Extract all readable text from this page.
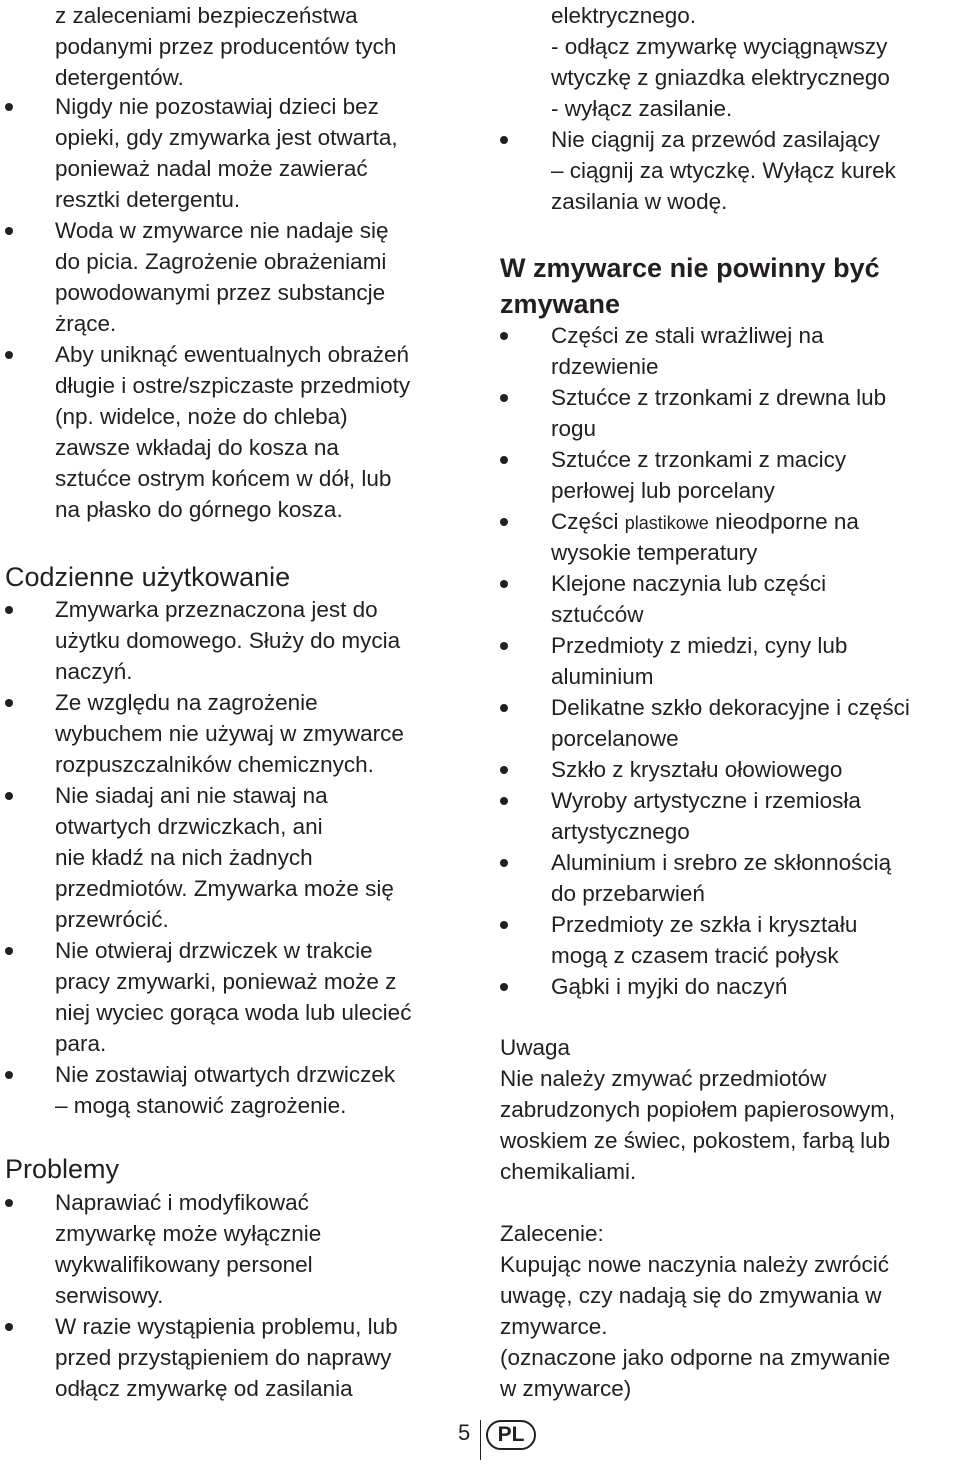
z zaleceniami bezpieczeństwa
podanymi przez producentów tych
detergentów.
Nigdy nie pozostawiaj dzieci bez
opieki, gdy zmywarka jest otwarta,
ponieważ nadal może zawierać
resztki detergentu.
Woda w zmywarce nie nadaje się
do picia. Zagrożenie obrażeniami
powodowanymi przez substancje
żrące.
Aby uniknąć ewentualnych obrażeń
długie i ostre/szpiczaste przedmioty
(np. widelce, noże do chleba)
zawsze wkładaj do kosza na
sztućce ostrym końcem w dół, lub
na płasko do górnego kosza.
Codzienne użytkowanie
Zmywarka przeznaczona jest do
użytku domowego. Służy do mycia
naczyń.
Ze względu na zagrożenie
wybuchem nie używaj w zmywarce
rozpuszczalników chemicznych.
Nie siadaj ani nie stawaj na
otwartych drzwiczkach, ani
nie kładź na nich żadnych
przedmiotów. Zmywarka może się
przewrócić.
Nie otwieraj drzwiczek w trakcie
pracy zmywarki, ponieważ może z
niej wyciec gorąca woda lub ulecieć
para.
Nie zostawiaj otwartych drzwiczek
– mogą stanowić zagrożenie.
Problemy
Naprawiać i modyfikować
zmywarkę może wyłącznie
wykwalifikowany personel
serwisowy.
W razie wystąpienia problemu, lub
przed przystąpieniem do naprawy
odłącz zmywarkę od zasilania
elektrycznego.
- odłącz zmywarkę wyciągnąwszy
wtyczkę z gniazdka elektrycznego
- wyłącz zasilanie.
Nie ciągnij za przewód zasilający
– ciągnij za wtyczkę. Wyłącz kurek
zasilania w wodę.
W zmywarce nie powinny być
zmywane
Części ze stali wrażliwej na
rdzewienie
Sztućce z trzonkami z drewna lub
rogu
Sztućce z trzonkami z macicy
perłowej lub porcelany
Części plastikowe nieodporne na
wysokie temperatury
Klejone naczynia lub części
sztućców
Przedmioty z miedzi, cyny lub
aluminium
Delikatne szkło dekoracyjne i części
porcelanowe
Szkło z kryształu ołowiowego
Wyroby artystyczne i rzemiosła
artystycznego
Aluminium i srebro ze skłonnością
do przebarwień
Przedmioty ze szkła i kryształu
mogą z czasem tracić połysk
Gąbki i myjki do naczyń
Uwaga
Nie należy zmywać przedmiotów
zabrudzonych popiołem papierosowym,
woskiem ze świec, pokostem, farbą lub
chemikaliami.
Zalecenie:
Kupując nowe naczynia należy zwrócić
uwagę, czy nadają się do zmywania w
zmywarce.
(oznaczone jako odporne na zmywanie
w zmywarce)
5	PL
